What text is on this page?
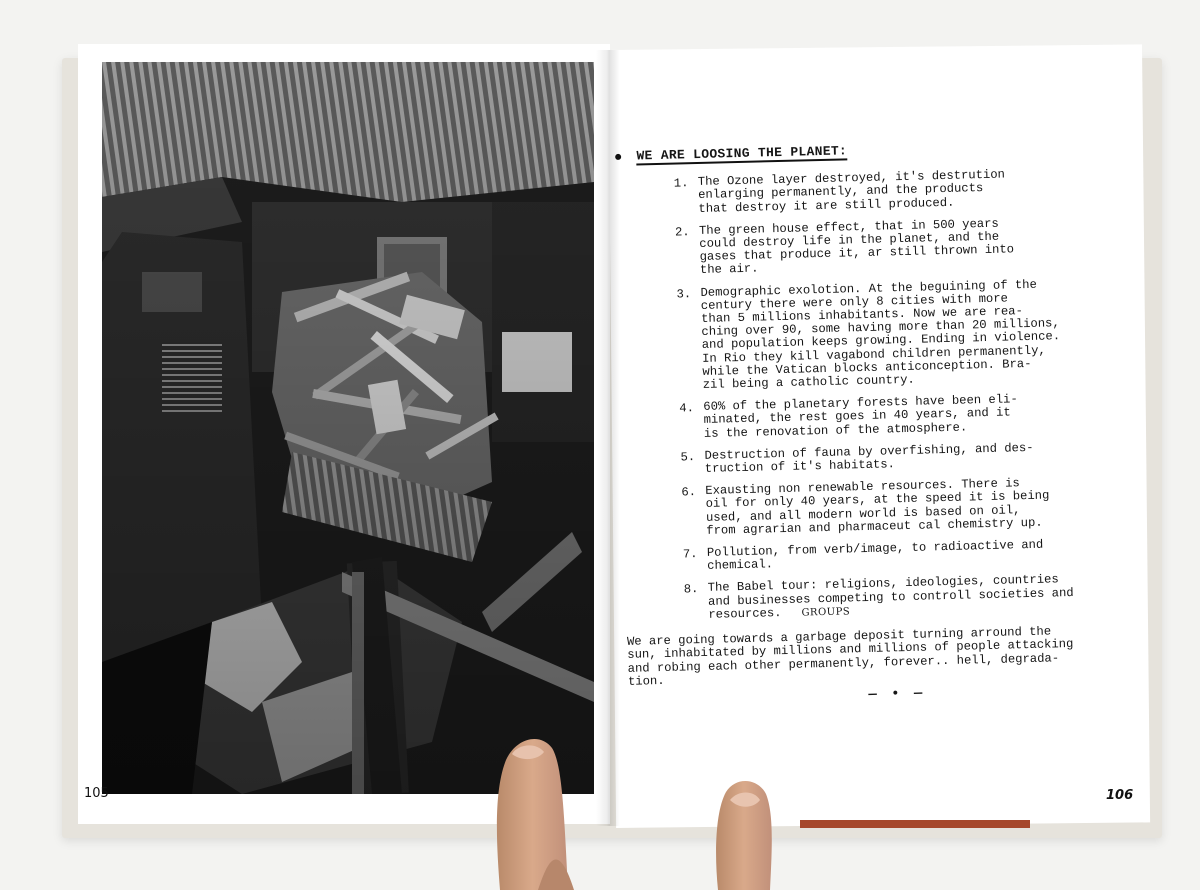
105	106
WE ARE LOOSING THE PLANET:
1. The Ozone layer destroyed, it's destrution
enlarging permanently, and the products
that destroy it are still produced.
2. The green house effect, that in 500 years
could destroy life in the planet, and the
gases that produce it, ar still thrown into
the air.
3. Demographic exolotion. At the beguining of the
century there were only 8 cities with more
than 5 millions inhabitants. Now we are rea-
ching over 90, some having more than 20 millions,
and population keeps growing. Ending in violence.
In Rio they kill vagabond children permanently,
while the Vatican blocks anticonception. Bra-
zil being a catholic country.
4. 60% of the planetary forests have been eli-
minated, the rest goes in 40 years, and it
is the renovation of the atmosphere.
5. Destruction of fauna by overfishing, and des-
truction of it's habitats.
6. Exausting non renewable resources. There is
oil for only 40 years, at the speed it is being
used, and all modern world is based on oil,
from agrarian and pharmaceut cal chemistry up.
7. Pollution, from verb/image, to radioactive and
chemical.
8. The Babel tour: religions, ideologies, countries
and businesses competing to controll societies and
resources. GROUPS
We are going towards a garbage deposit turning arround the
sun, inhabitated by millions and millions of people attacking
and robing each other permanently, forever.. hell, degrada-
tion.
— • —
